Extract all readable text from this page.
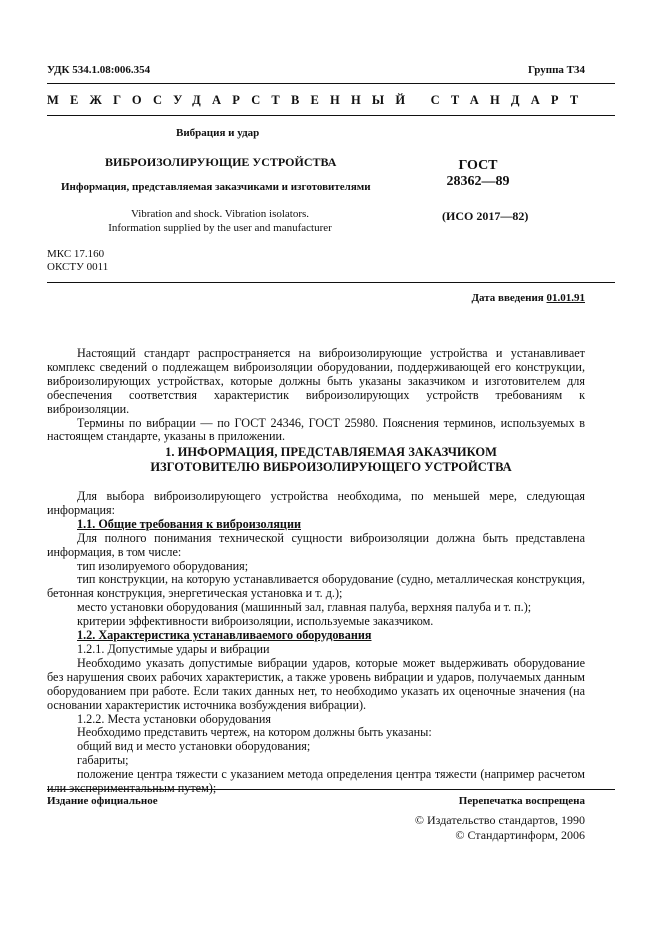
УДК 534.1.08:006.354	Группа Т34
МЕЖГОСУДАРСТВЕННЫЙ СТАНДАРТ
Вибрация и удар
ВИБРОИЗОЛИРУЮЩИЕ УСТРОЙСТВА
Информация, представляемая заказчиками и изготовителями
Vibration and shock. Vibration isolators.
Information supplied by the user and manufacturer
ГОСТ
28362—89
(ИСО 2017—82)
МКС 17.160
ОКСТУ 0011
Дата введения 01.01.91

Настоящий стандарт распространяется на виброизолирующие устройства и устанавливает комплекс сведений о подлежащем виброизоляции оборудовании, поддерживающей его конструкции, виброизолирующих устройствах, которые должны быть указаны заказчиком и изготовителем для обеспечения соответствия характеристик виброизолирующих устройств требованиям к виброизоляции.

Термины по вибрации — по ГОСТ 24346, ГОСТ 25980. Пояснения терминов, используемых в настоящем стандарте, указаны в приложении.

1. ИНФОРМАЦИЯ, ПРЕДСТАВЛЯЕМАЯ ЗАКАЗЧИКОМ
ИЗГОТОВИТЕЛЮ ВИБРОИЗОЛИРУЮЩЕГО УСТРОЙСТВА

Для выбора виброизолирующего устройства необходима, по меньшей мере, следующая информация:

1.1. Общие требования к виброизоляции

Для полного понимания технической сущности виброизоляции должна быть представлена информация, в том числе:

тип изолируемого оборудования;

тип конструкции, на которую устанавливается оборудование (судно, металлическая конструкция, бетонная конструкция, энергетическая установка и т. д.);

место установки оборудования (машинный зал, главная палуба, верхняя палуба и т. п.);

критерии эффективности виброизоляции, используемые заказчиком.

1.2. Характеристика устанавливаемого оборудования

1.2.1. Допустимые удары и вибрации

Необходимо указать допустимые вибрации ударов, которые может выдерживать оборудование без нарушения своих рабочих характеристик, а также уровень вибрации и ударов, получаемых данным оборудованием при работе. Если таких данных нет, то необходимо указать их оценочные значения (на основании характеристик источника возбуждения вибрации).

1.2.2. Места установки оборудования

Необходимо представить чертеж, на котором должны быть указаны:

общий вид и место установки оборудования;

габариты;

положение центра тяжести с указанием метода определения центра тяжести (например расчетом

Издание официальное	Перепечатка воспрещена
© Издательство стандартов, 1990
© Стандартинформ, 2006
